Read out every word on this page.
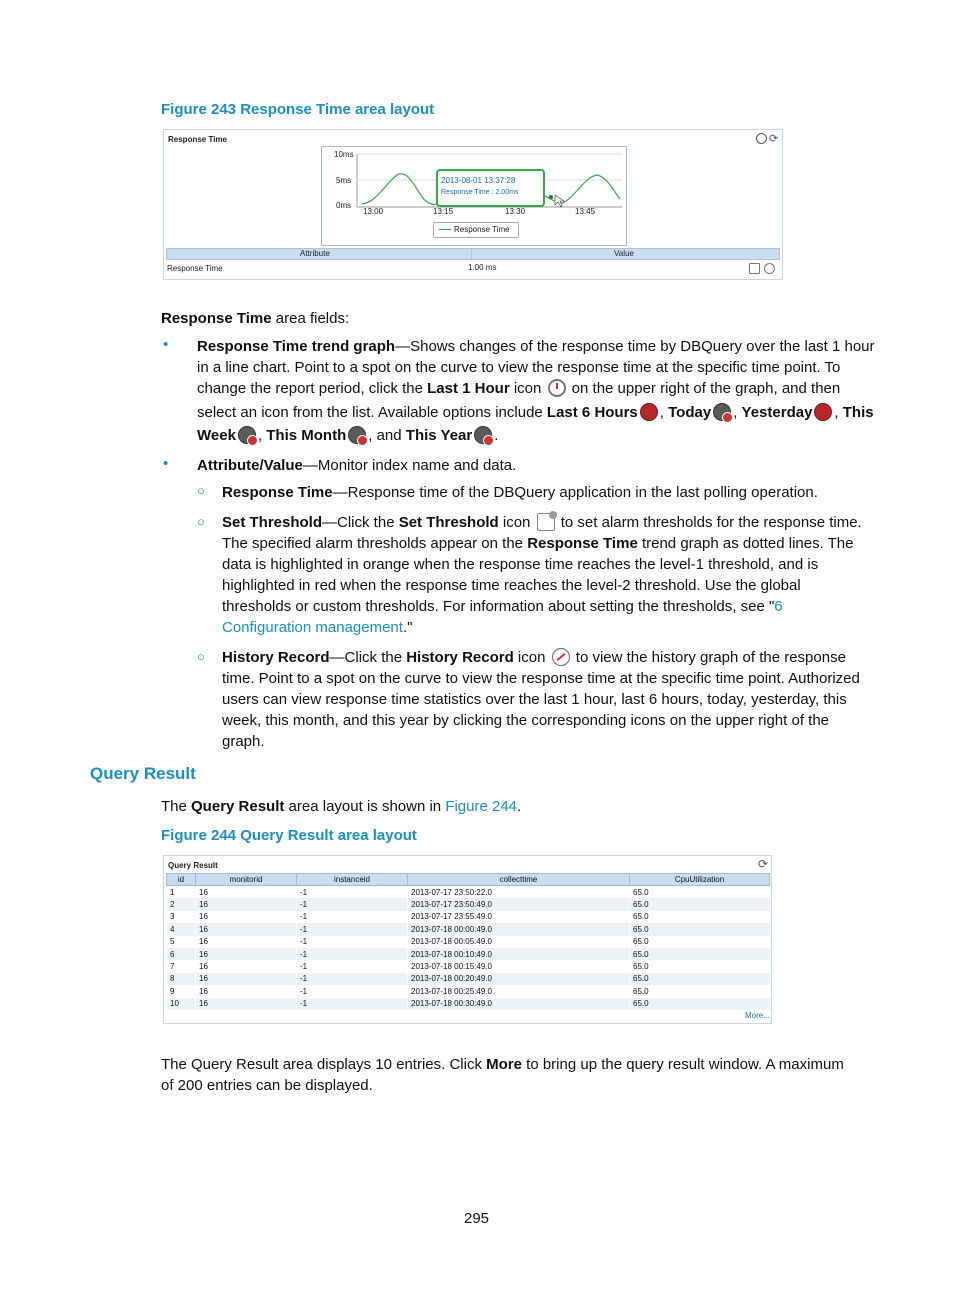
Figure 243 Response Time area layout
Response Time	⟳
10ms
5ms
0ms
13:00	13:15	13:30	13:45
2013-08-01 13:37:28
Response Time : 2.00ms
Response Time
Attribute	Value
Response Time	1.00 ms
Response Time area fields:
• Response Time trend graph—Shows changes of the response time by DBQuery over the last 1 hour
in a line chart. Point to a spot on the curve to view the response time at the specific time point. To
change the report period, click the Last 1 Hour icon  on the upper right of the graph, and then
select an icon from the list. Available options include Last 6 Hours , Today , Yesterday , This
Week , This Month , and This Year .
• Attribute/Value—Monitor index name and data.
○ Response Time—Response time of the DBQuery application in the last polling operation.
○ Set Threshold—Click the Set Threshold icon  to set alarm thresholds for the response time.
The specified alarm thresholds appear on the Response Time trend graph as dotted lines. The
data is highlighted in orange when the response time reaches the level-1 threshold, and is
highlighted in red when the response time reaches the level-2 threshold. Use the global
thresholds or custom thresholds. For information about setting the thresholds, see "6
Configuration management."
○ History Record—Click the History Record icon  to view the history graph of the response
time. Point to a spot on the curve to view the response time at the specific time point. Authorized
users can view response time statistics over the last 1 hour, last 6 hours, today, yesterday, this
week, this month, and this year by clicking the corresponding icons on the upper right of the
graph.
Query Result
The Query Result area layout is shown in Figure 244.
Figure 244 Query Result area layout
Query Result	⟳
id	monitorid	instanceid	collecttime	CpuUtilization
1	16	-1	2013-07-17 23:50:22.0	65.0
2	16	-1	2013-07-17 23:50:49.0	65.0
3	16	-1	2013-07-17 23:55:49.0	65.0
4	16	-1	2013-07-18 00:00:49.0	65.0
5	16	-1	2013-07-18 00:05:49.0	65.0
6	16	-1	2013-07-18 00:10:49.0	65.0
7	16	-1	2013-07-18 00:15:49.0	65.0
8	16	-1	2013-07-18 00:20:49.0	65.0
9	16	-1	2013-07-18 00:25:49.0	65.0
10	16	-1	2013-07-18 00:30:49.0	65.0
More...
The Query Result area displays 10 entries. Click More to bring up the query result window. A maximum
of 200 entries can be displayed.
295
